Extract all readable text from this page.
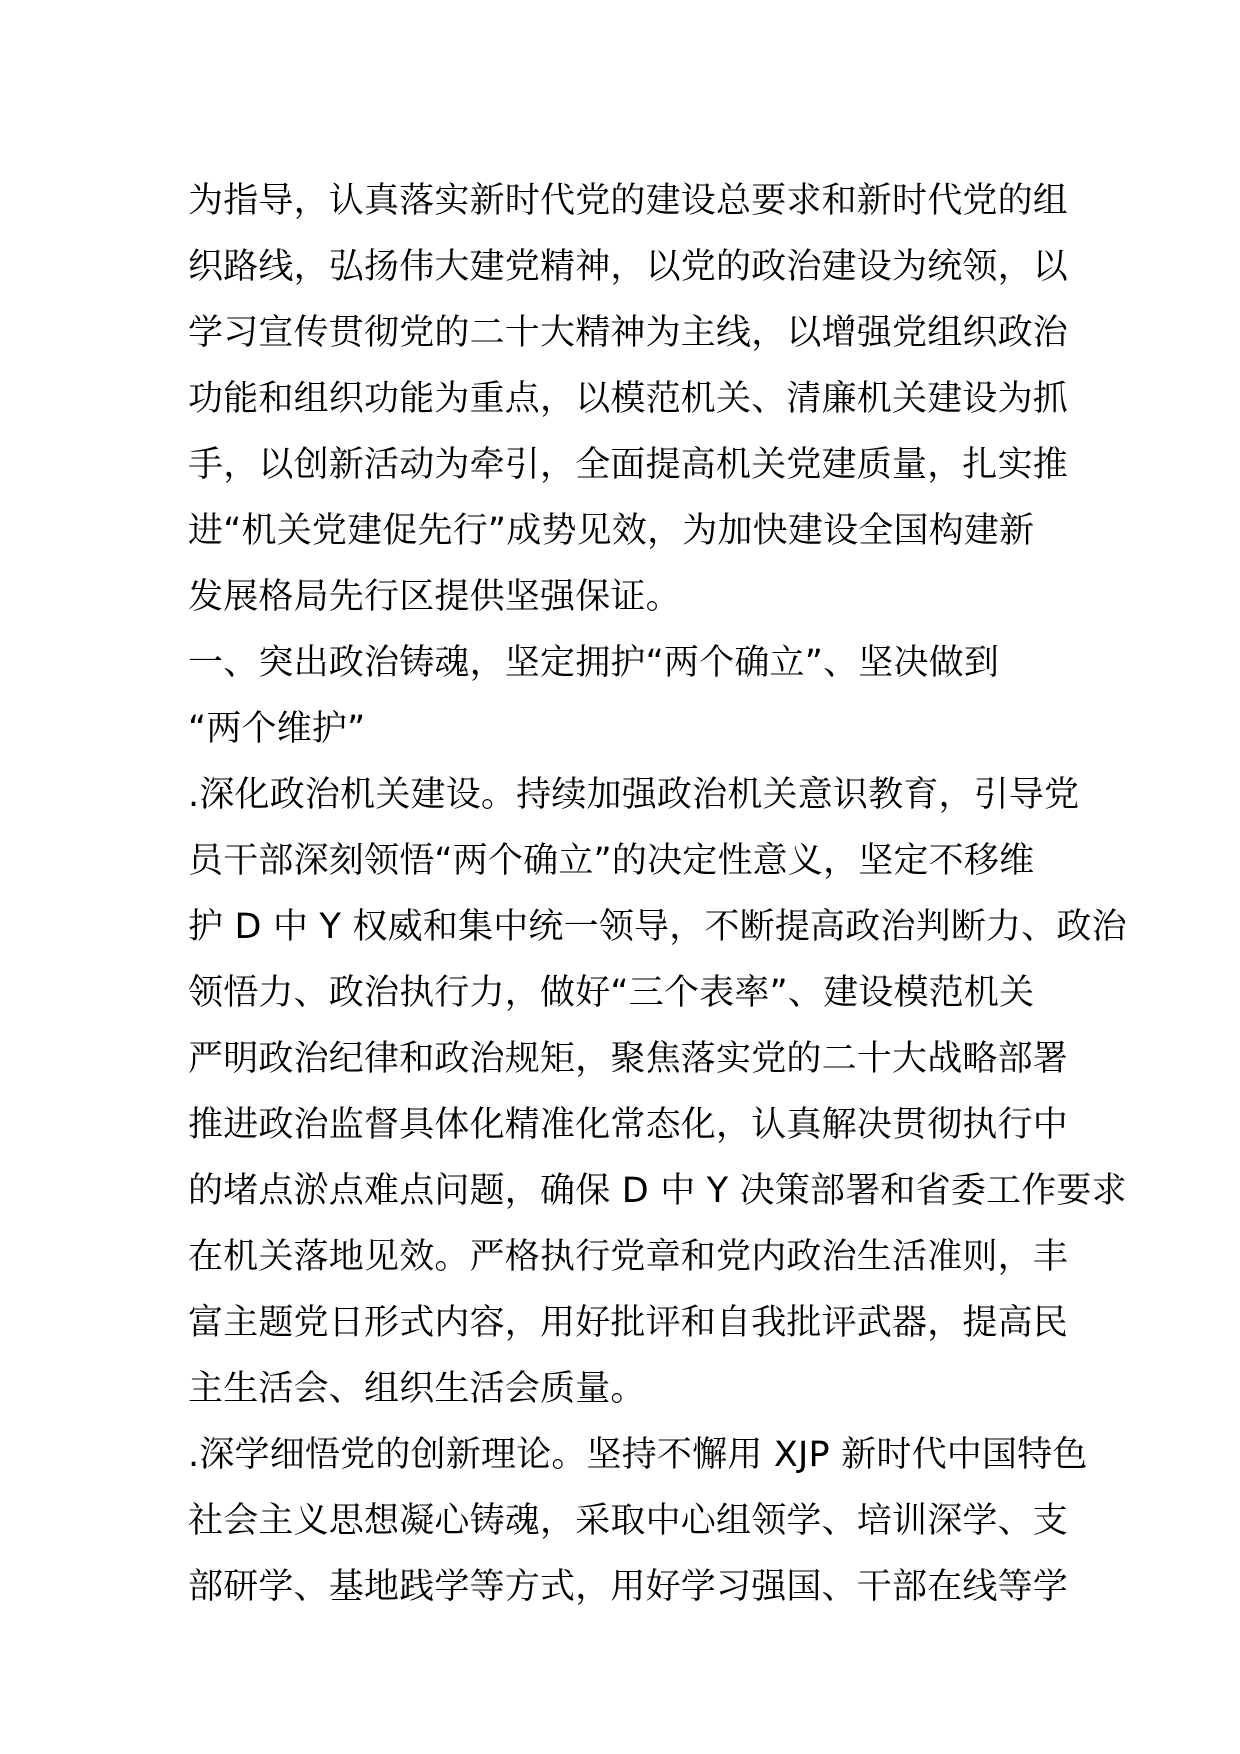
为指导，认真落实新时代党的建设总要求和新时代党的组
织路线，弘扬伟大建党精神，以党的政治建设为统领，以
学习宣传贯彻党的二十大精神为主线，以增强党组织政治
功能和组织功能为重点，以模范机关、清廉机关建设为抓
手，以创新活动为牵引，全面提高机关党建质量，扎实推
进“机关党建促先行”成势见效，为加快建设全国构建新
发展格局先行区提供坚强保证。
一、突出政治铸魂，坚定拥护“两个确立”、坚决做到
“两个维护”
.深化政治机关建设。持续加强政治机关意识教育，引导党
员干部深刻领悟“两个确立”的决定性意义，坚定不移维
护 D 中 Y 权威和集中统一领导，不断提高政治判断力、政治
领悟力、政治执行力，做好“三个表率”、建设模范机关
严明政治纪律和政治规矩，聚焦落实党的二十大战略部署
推进政治监督具体化精准化常态化，认真解决贯彻执行中
的堵点淤点难点问题，确保 D 中 Y 决策部署和省委工作要求
在机关落地见效。严格执行党章和党内政治生活准则，丰
富主题党日形式内容，用好批评和自我批评武器，提高民
主生活会、组织生活会质量。
.深学细悟党的创新理论。坚持不懈用 XJP 新时代中国特色
社会主义思想凝心铸魂，采取中心组领学、培训深学、支
部研学、基地践学等方式，用好学习强国、干部在线等学
